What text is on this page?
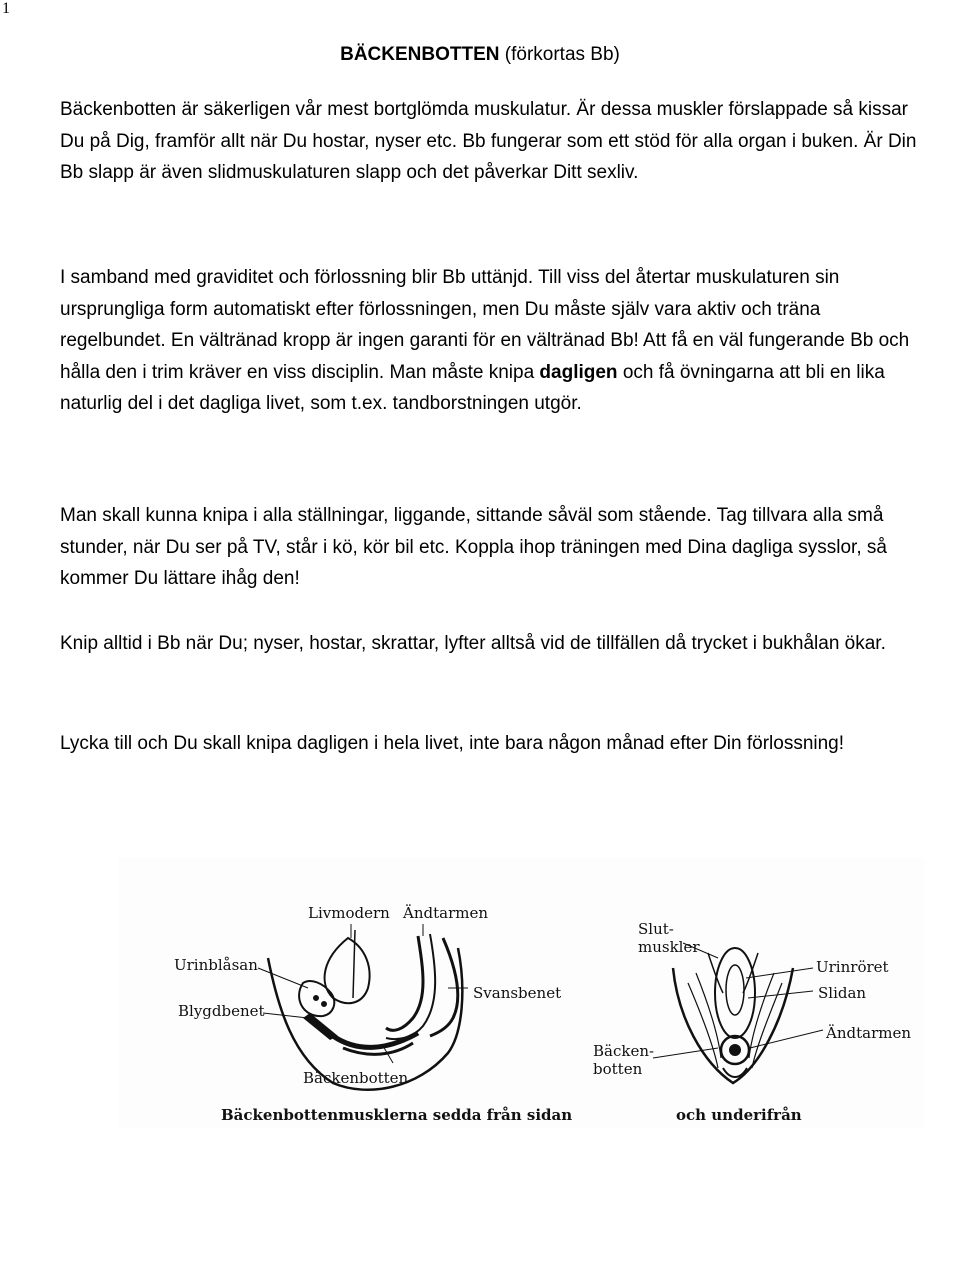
1
BÄCKENBOTTEN (förkortas Bb)

Bäckenbotten är säkerligen vår mest bortglömda muskulatur. Är dessa muskler förslappade så kissar Du på Dig, framför allt när Du hostar, nyser etc. Bb fungerar som ett stöd för alla organ i buken. Är Din Bb slapp är även slidmuskulaturen slapp och det påverkar Ditt sexliv.

I samband med graviditet och förlossning blir Bb uttänjd. Till viss del återtar muskulaturen sin ursprungliga form automatiskt efter förlossningen, men Du måste själv vara aktiv och träna regelbundet. En vältränad kropp är ingen garanti för en vältränad Bb! Att få en väl fungerande Bb och hålla den i trim kräver en viss disciplin. Man måste knipa dagligen och få övningarna att bli en lika naturlig del i det dagliga livet, som t.ex. tandborstningen utgör.

Man skall kunna knipa i alla ställningar, liggande, sittande såväl som stående. Tag tillvara alla små stunder, när Du ser på TV, står i kö, kör bil etc. Koppla ihop träningen med Dina dagliga sysslor, så kommer Du lättare ihåg den!

Knip alltid i Bb när Du; nyser, hostar, skrattar, lyfter alltså vid de tillfällen då trycket i bukhålan ökar.

Lycka till och Du skall knipa dagligen i hela livet, inte bara någon månad efter Din förlossning!

Livmodern Ändtarmen
Urinblåsan
Blygdbenet
Svansbenet
Bäckenbotten
Bäckenbottenmusklerna sedda från sidan
Slut-
muskler
Urinröret
Slidan
Ändtarmen
Bäcken-
botten
och underifrån
